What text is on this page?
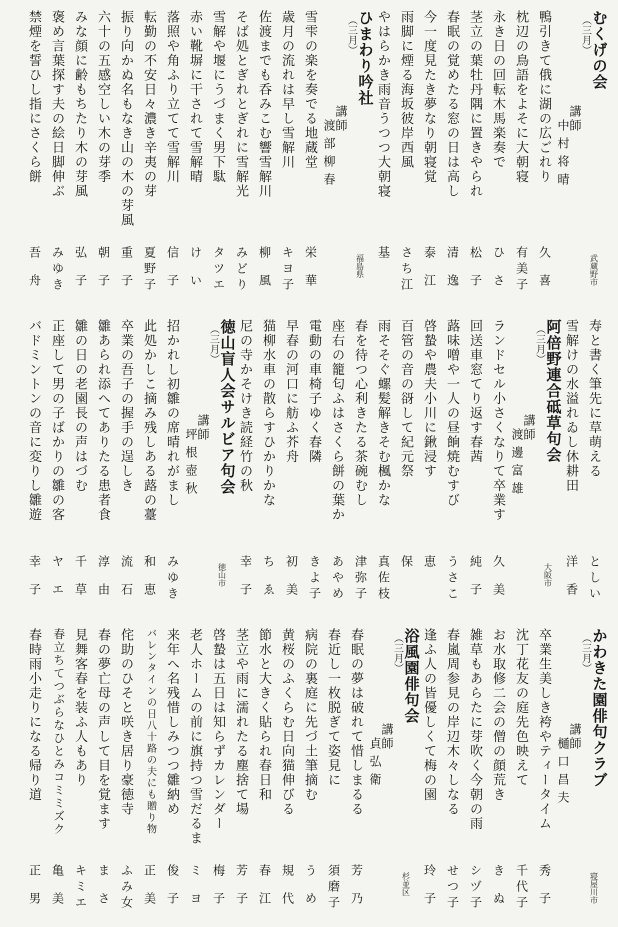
むくげの会
（三月）
武蔵野市
講師
中村将晴
鴨引きて俄に湖の広ごれり
久喜
枕辺の鳥語をよそに大朝寝
有美子
永き日の回転木馬楽奏で
ひさ
茎立の葉牡丹隅に置きやられ
松子
春眠の覚めたる窓の日は高し
清逸
今一度見たき夢なり朝寝覚
泰江
雨脚に煙る海坂彼岸西風
さち江
やはらかき雨音うつつ大朝寝
基
ひまわり吟社
（三月）
福島県
講師
渡部柳春
雪雫の楽を奏でる地蔵堂
栄華
歳月の流れは早し雪解川
キヨ子
佐渡までも呑みこむ響雪解川
柳風
そば処とぎれとぎれに雪解光
みどり
雪解や堰にうづまく男下駄
タツエ
赤い靴塀に干されて雪解晴
けい
落照や角ふり立てて雪解川
信子
転勤の不安日々濃き辛夷の芽
夏野子
振り向かぬ名もなき山の木の芽風
重子
六十の五感空しい木の芽季
朝子
みな顔に齢もちたり木の芽風
弘子
褒め言葉探す夫の絵日脚伸ぶ
みゆき
禁煙を誓ひし指にさくら餅
吾舟
寿と書く筆先に草萌える
としい
雪解けの水溢れゐし休耕田
洋香
阿倍野連合砥草句会
（三月）
大阪市
講師
渡邊富雄
ランドセル小さくなりて卒業す
久美
回送車窓てり返す春茜
純子
蕗味噌や一人の昼餉焼むすび
うさこ
啓蟄や農夫小川に鍬浸す
恵
百管の音の谺して紀元祭
保
雨そそぐ螺髪解きそむ楓かな
真佐枝
春を待つ心利きたる茶碗むし
津弥子
座右の籠匂ふはさくら餅の葉か
あやめ
電動の車椅子ゆく春隣
きよ子
早春の河口に舫ふ芥舟
初美
猫柳水車の散らすひかりかな
ちゑ
尼の寺かそけき読経竹の秋
幸子
徳山盲人会サルビア句会
（三月）
徳山市
講師
坪根壺秋
招かれし初雛の席晴れがまし
みゆき
此処かしこ摘み残しある蕗の薹
和恵
卒業の吾子の握手の逞しき
流石
雛あられ添へてありたる患者食
淳由
雛の日の老園長の声はづむ
千草
正座して男の子ばかりの雛の客
ヤエ
バドミントンの音に変りし雛遊
幸子
かわきた園俳句クラブ
（三月）
寝屋川市
講師
樋口昌夫
卒業生美しき袴やティータイム
秀子
沈丁花友の庭先色映えて
千代子
お水取修二会の僧の顔荒き
きぬ
雑草もあらたに芽吹く今朝の雨
シヅ子
春嵐周参見の岸辺木々しなる
せつ子
逢ふ人の皆優しくて梅の園
玲子
浴風園俳句会
（三月）
杉並区
講師
貞弘衛
春眠の夢は破れて惜しまるる
芳乃
春近し一枚脱ぎて姿見に
須磨子
病院の裏庭に先づ土筆摘む
うめ
黄桜のふくらむ日向猫伸びる
規代
節水と大きく貼られ春日和
春江
茎立や雨に濡れたる塵捨て場
芳子
啓蟄は五日は知らずカレンダー
梅子
老人ホームの前に旗持つ雪だるま
ミヨ
来年へ名残惜しみつつ雛納め
俊子
バレンタインの日八十路の夫にも贈り物
正美
侘助のひそと咲き居り豪徳寺
ふみ女
春の夢亡母の声して目を覚ます
まさ
見舞客春を装ふ人もあり
キミエ
春立ちてつぶらなひとみコミミズク
亀美
春時雨小走りになる帰り道
正男
